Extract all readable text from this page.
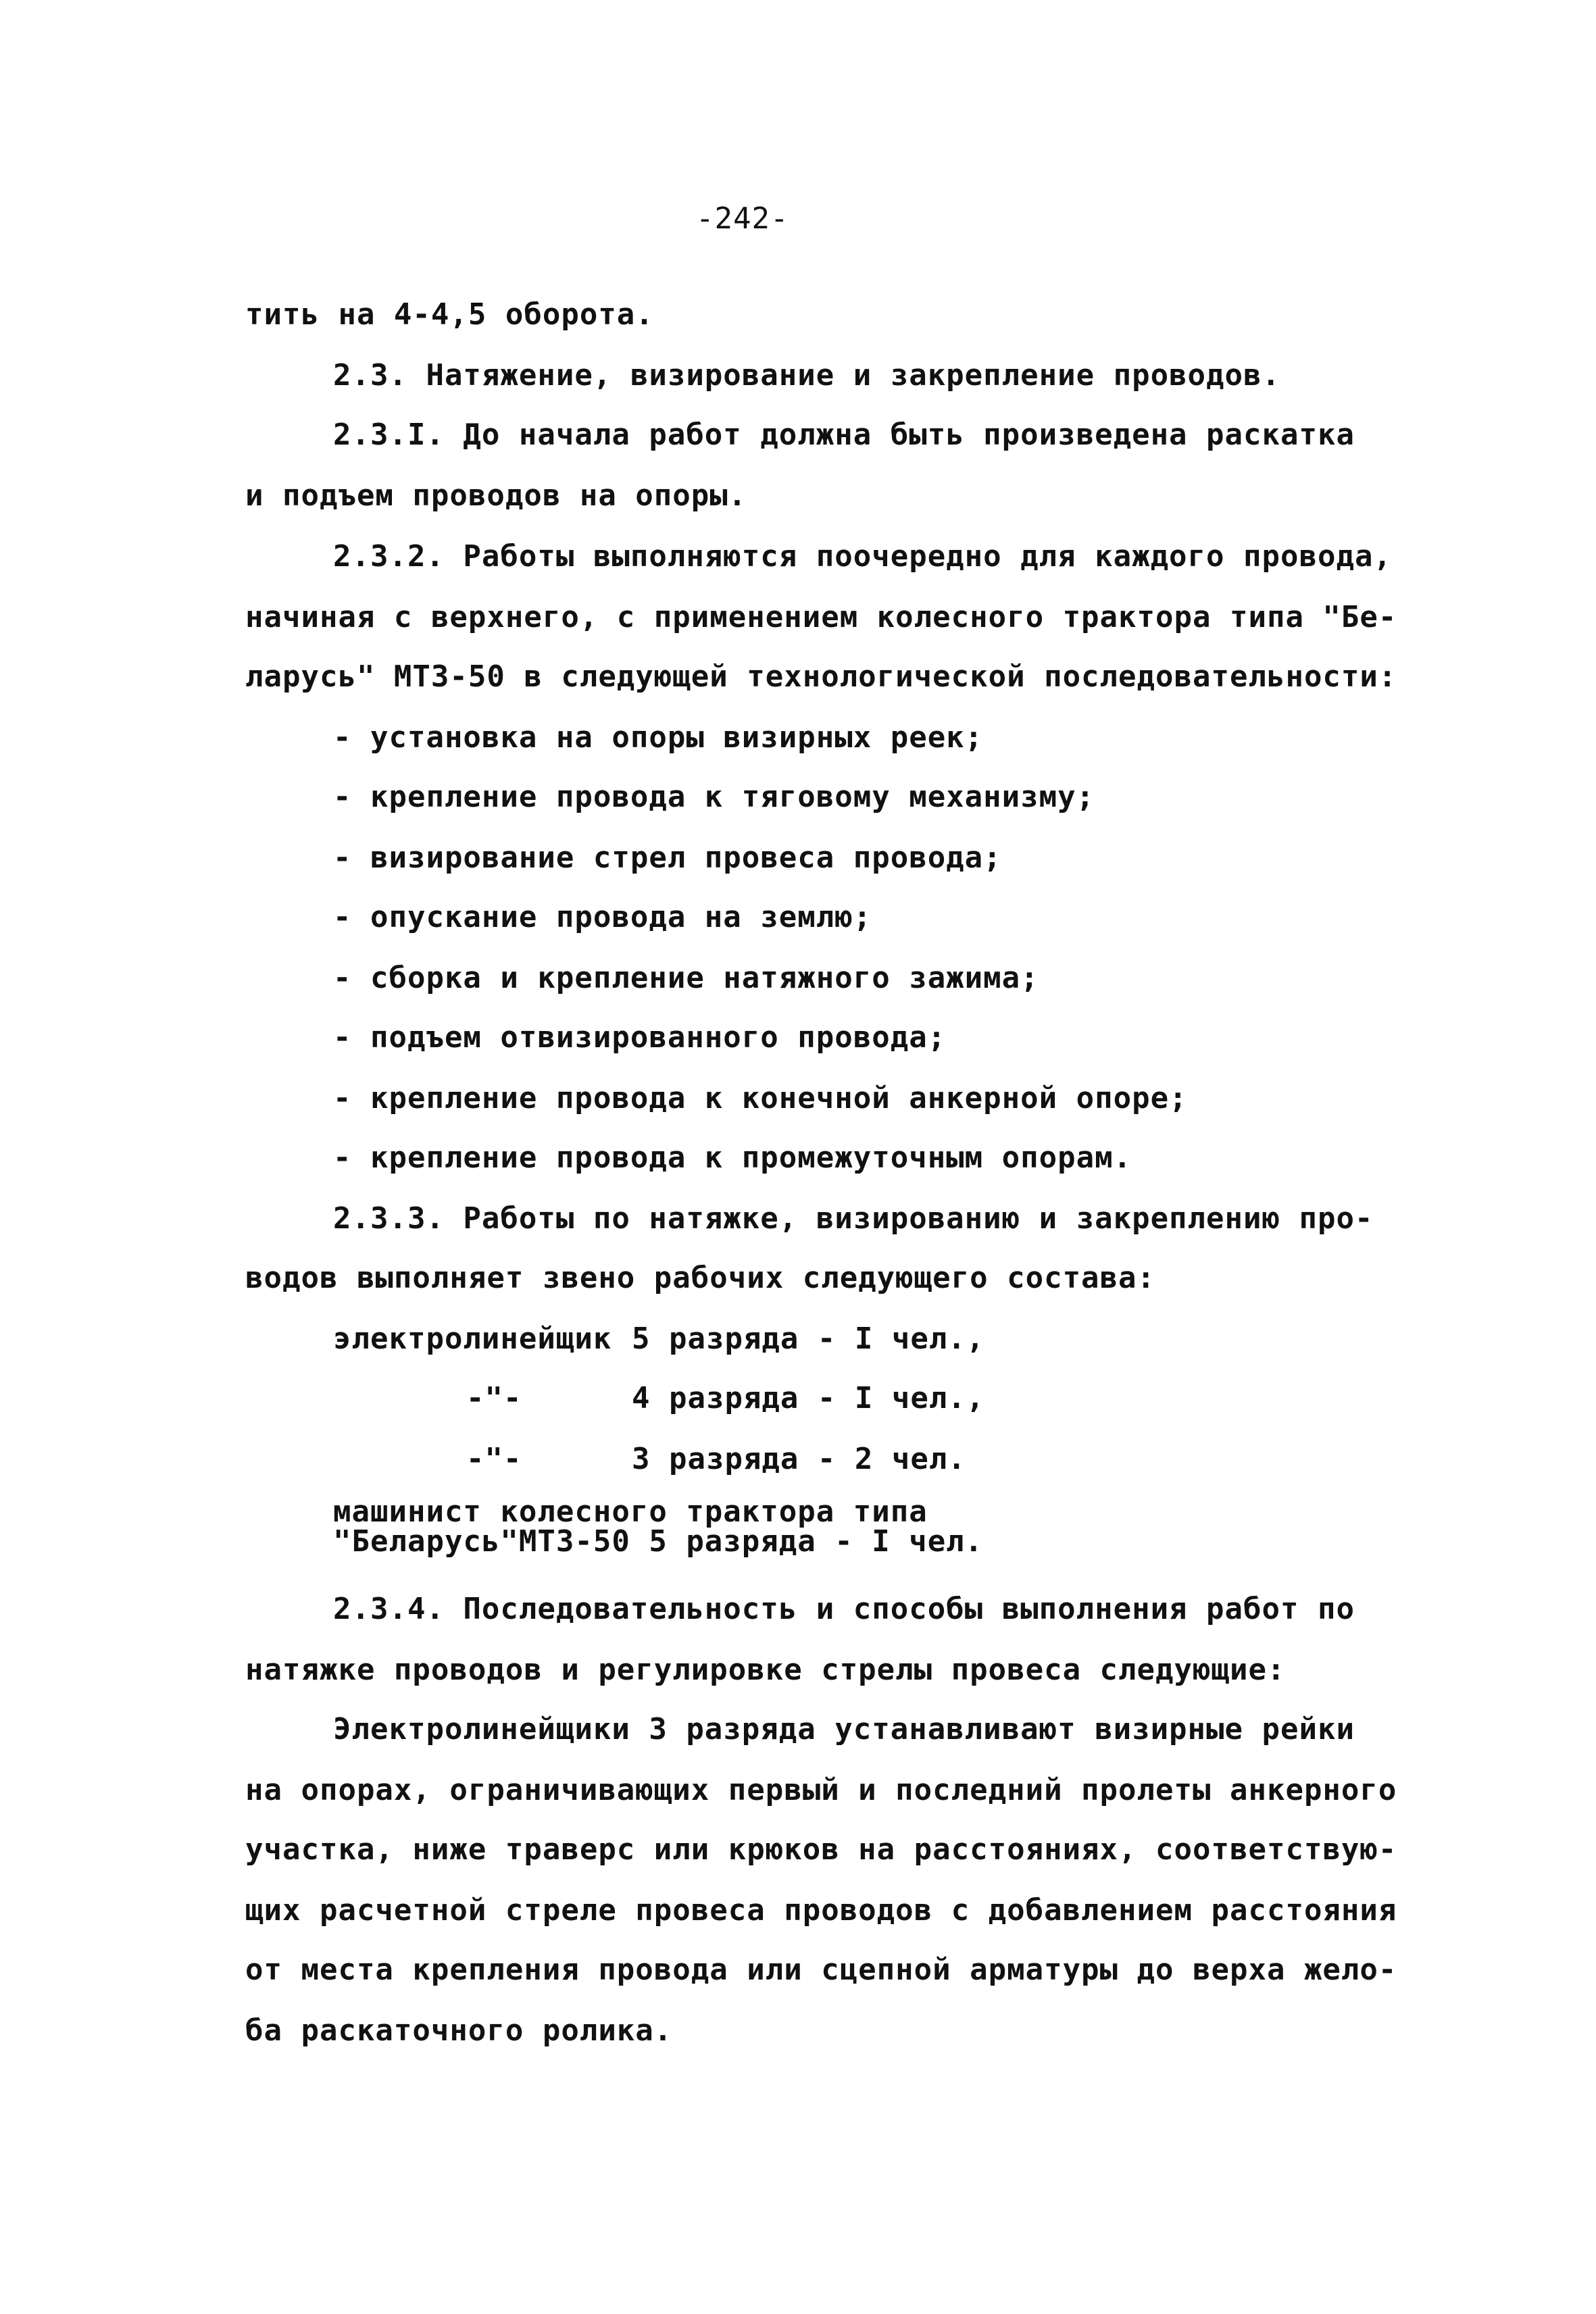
-242-
тить на 4-4,5 оборота.
2.3. Натяжение, визирование и закрепление проводов.
2.3.I. До начала работ должна быть произведена раскатка
и подъем проводов на опоры.
2.3.2. Работы выполняются поочередно для каждого провода,
начиная с верхнего, с применением колесного трактора типа "Бе-
ларусь" МТЗ-50 в следующей технологической последовательности:
- установка на опоры визирных реек;
- крепление провода к тяговому механизму;
- визирование стрел провеса провода;
- опускание провода на землю;
- сборка и крепление натяжного зажима;
- подъем отвизированного провода;
- крепление провода к конечной анкерной опоре;
- крепление провода к промежуточным опорам.
2.3.3. Работы по натяжке, визированию и закреплению про-
водов выполняет звено рабочих следующего состава:
электролинейщик 5 разряда - I чел.,
-"-	4 разряда - I чел.,
-"-	3 разряда - 2 чел.
машинист колесного трактора типа
"Беларусь"МТЗ-50 5 разряда - I чел.
2.3.4. Последовательность и способы выполнения работ по
натяжке проводов и регулировке стрелы провеса следующие:
Электролинейщики 3 разряда устанавливают визирные рейки
на опорах, ограничивающих первый и последний пролеты анкерного
участка, ниже траверс или крюков на расстояниях, соответствую-
щих расчетной стреле провеса проводов с добавлением расстояния
от места крепления провода или сцепной арматуры до верха жело-
ба раскаточного ролика.
